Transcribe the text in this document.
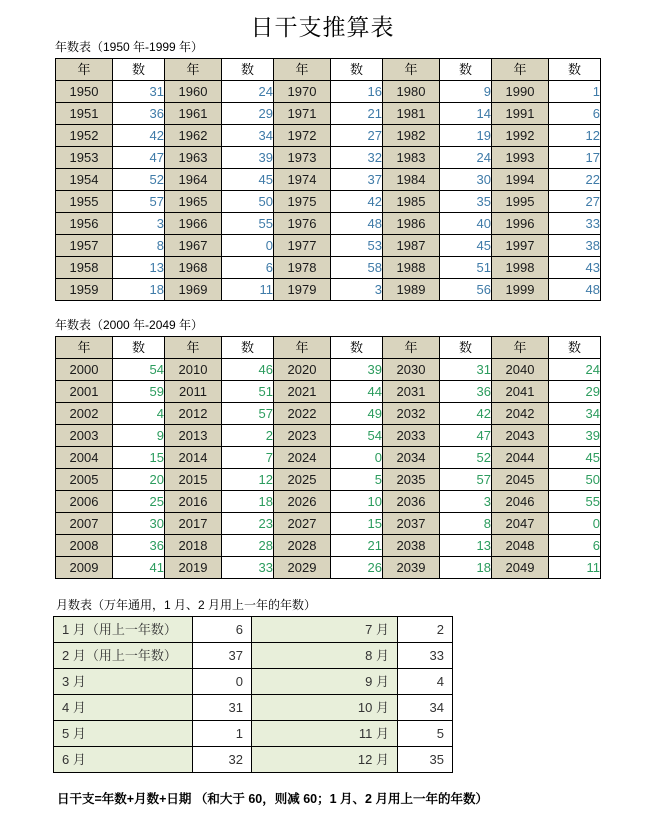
日干支推算表
年数表（1950 年-1999 年）
年	数	年	数	年	数	年	数	年	数
1950	31	1960	24	1970	16	1980	9	1990	1
1951	36	1961	29	1971	21	1981	14	1991	6
1952	42	1962	34	1972	27	1982	19	1992	12
1953	47	1963	39	1973	32	1983	24	1993	17
1954	52	1964	45	1974	37	1984	30	1994	22
1955	57	1965	50	1975	42	1985	35	1995	27
1956	3	1966	55	1976	48	1986	40	1996	33
1957	8	1967	0	1977	53	1987	45	1997	38
1958	13	1968	6	1978	58	1988	51	1998	43
1959	18	1969	11	1979	3	1989	56	1999	48
年数表（2000 年-2049 年）
年	数	年	数	年	数	年	数	年	数
2000	54	2010	46	2020	39	2030	31	2040	24
2001	59	2011	51	2021	44	2031	36	2041	29
2002	4	2012	57	2022	49	2032	42	2042	34
2003	9	2013	2	2023	54	2033	47	2043	39
2004	15	2014	7	2024	0	2034	52	2044	45
2005	20	2015	12	2025	5	2035	57	2045	50
2006	25	2016	18	2026	10	2036	3	2046	55
2007	30	2017	23	2027	15	2037	8	2047	0
2008	36	2018	28	2028	21	2038	13	2048	6
2009	41	2019	33	2029	26	2039	18	2049	11
月数表（万年通用，1 月、2 月用上一年的年数）
1 月（用上一年数）	6	7 月	2
2 月（用上一年数）	37	8 月	33
3 月	0	9 月	4
4 月	31	10 月	34
5 月	1	11 月	5
6 月	32	12 月	35
日干支=年数+月数+日期 （和大于 60，则减 60；1 月、2 月用上一年的年数）
